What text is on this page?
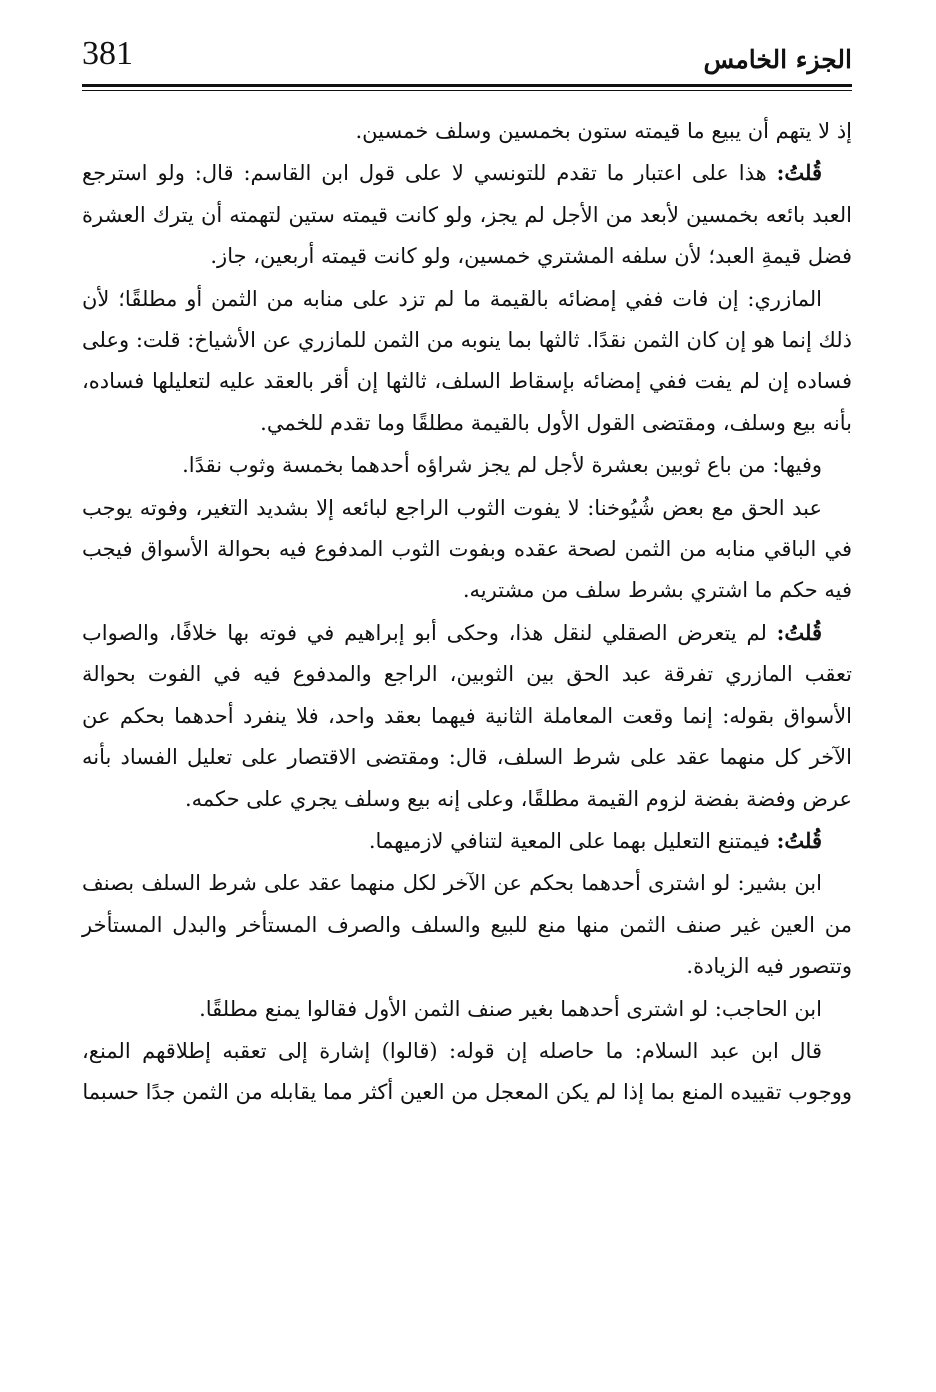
381	الجزء الخامس

إذ لا يتهم أن يبيع ما قيمته ستون بخمسين وسلف خمسين.

قُلتُ: هذا على اعتبار ما تقدم للتونسي لا على قول ابن القاسم: قال: ولو استرجع العبد بائعه بخمسين لأبعد من الأجل لم يجز، ولو كانت قيمته ستين لتهمته أن يترك العشرة فضل قيمةِ العبد؛ لأن سلفه المشتري خمسين، ولو كانت قيمته أربعين، جاز.

المازري: إن فات ففي إمضائه بالقيمة ما لم تزد على منابه من الثمن أو مطلقًا؛ لأن ذلك إنما هو إن كان الثمن نقدًا. ثالثها بما ينوبه من الثمن للمازري عن الأشياخ: قلت: وعلى فساده إن لم يفت ففي إمضائه بإسقاط السلف، ثالثها إن أقر بالعقد عليه لتعليلها فساده، بأنه بيع وسلف، ومقتضى القول الأول بالقيمة مطلقًا وما تقدم للخمي.

وفيها: من باع ثوبين بعشرة لأجل لم يجز شراؤه أحدهما بخمسة وثوب نقدًا.

عبد الحق مع بعض شُيُوخنا: لا يفوت الثوب الراجع لبائعه إلا بشديد التغير، وفوته يوجب في الباقي منابه من الثمن لصحة عقده وبفوت الثوب المدفوع فيه بحوالة الأسواق فيجب فيه حكم ما اشتري بشرط سلف من مشتريه.

قُلتُ: لم يتعرض الصقلي لنقل هذا، وحكى أبو إبراهيم في فوته بها خلافًا، والصواب تعقب المازري تفرقة عبد الحق بين الثوبين، الراجع والمدفوع فيه في الفوت بحوالة الأسواق بقوله: إنما وقعت المعاملة الثانية فيهما بعقد واحد، فلا ينفرد أحدهما بحكم عن الآخر كل منهما عقد على شرط السلف، قال: ومقتضى الاقتصار على تعليل الفساد بأنه عرض وفضة بفضة لزوم القيمة مطلقًا، وعلى إنه بيع وسلف يجري على حكمه.

قُلتُ: فيمتنع التعليل بهما على المعية لتنافي لازميهما.

ابن بشير: لو اشترى أحدهما بحكم عن الآخر لكل منهما عقد على شرط السلف بصنف من العين غير صنف الثمن منها منع للبيع والسلف والصرف المستأخر والبدل المستأخر وتتصور فيه الزيادة.

ابن الحاجب: لو اشترى أحدهما بغير صنف الثمن الأول فقالوا يمنع مطلقًا.

قال ابن عبد السلام: ما حاصله إن قوله: (قالوا) إشارة إلى تعقبه إطلاقهم المنع، ووجوب تقييده المنع بما إذا لم يكن المعجل من العين أكثر مما يقابله من الثمن جدًا حسبما
